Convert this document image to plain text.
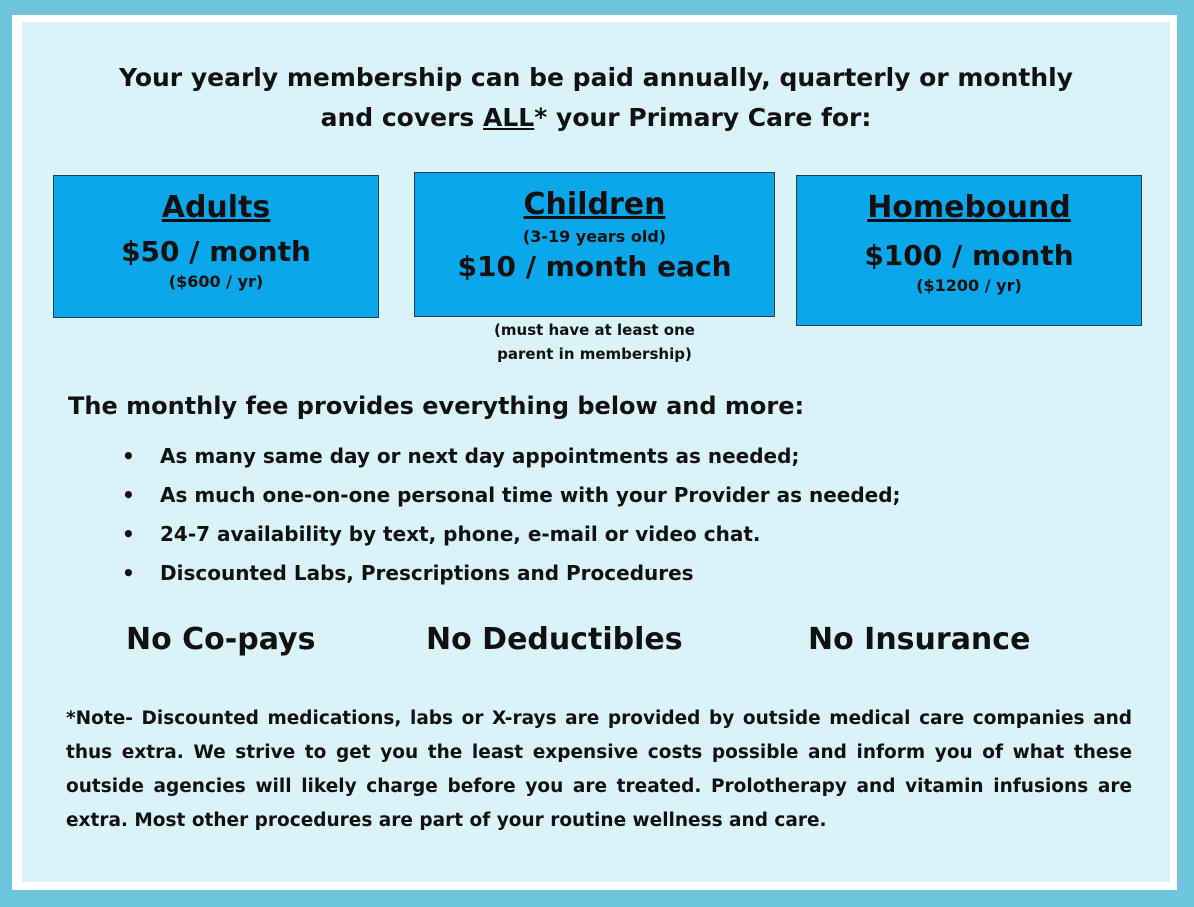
Your yearly membership can be paid annually, quarterly or monthly
and covers ALL* your Primary Care for:
Adults
$50 / month
($600 / yr)
Children
(3-19 years old)
$10 / month each
(must have at least one
parent in membership)
Homebound
$100 / month
($1200 / yr)
The monthly fee provides everything below and more:
• As many same day or next day appointments as needed;
• As much one-on-one personal time with your Provider as needed;
• 24-7 availability by text, phone, e-mail or video chat.
• Discounted Labs, Prescriptions and Procedures
No Co-pays	No Deductibles	No Insurance
*Note- Discounted medications, labs or X-rays are provided by outside medical care companies and thus extra. We strive to get you the least expensive costs possible and inform you of what these outside agencies will likely charge before you are treated. Prolotherapy and vitamin infusions are extra. Most other procedures are part of your routine wellness and care.
